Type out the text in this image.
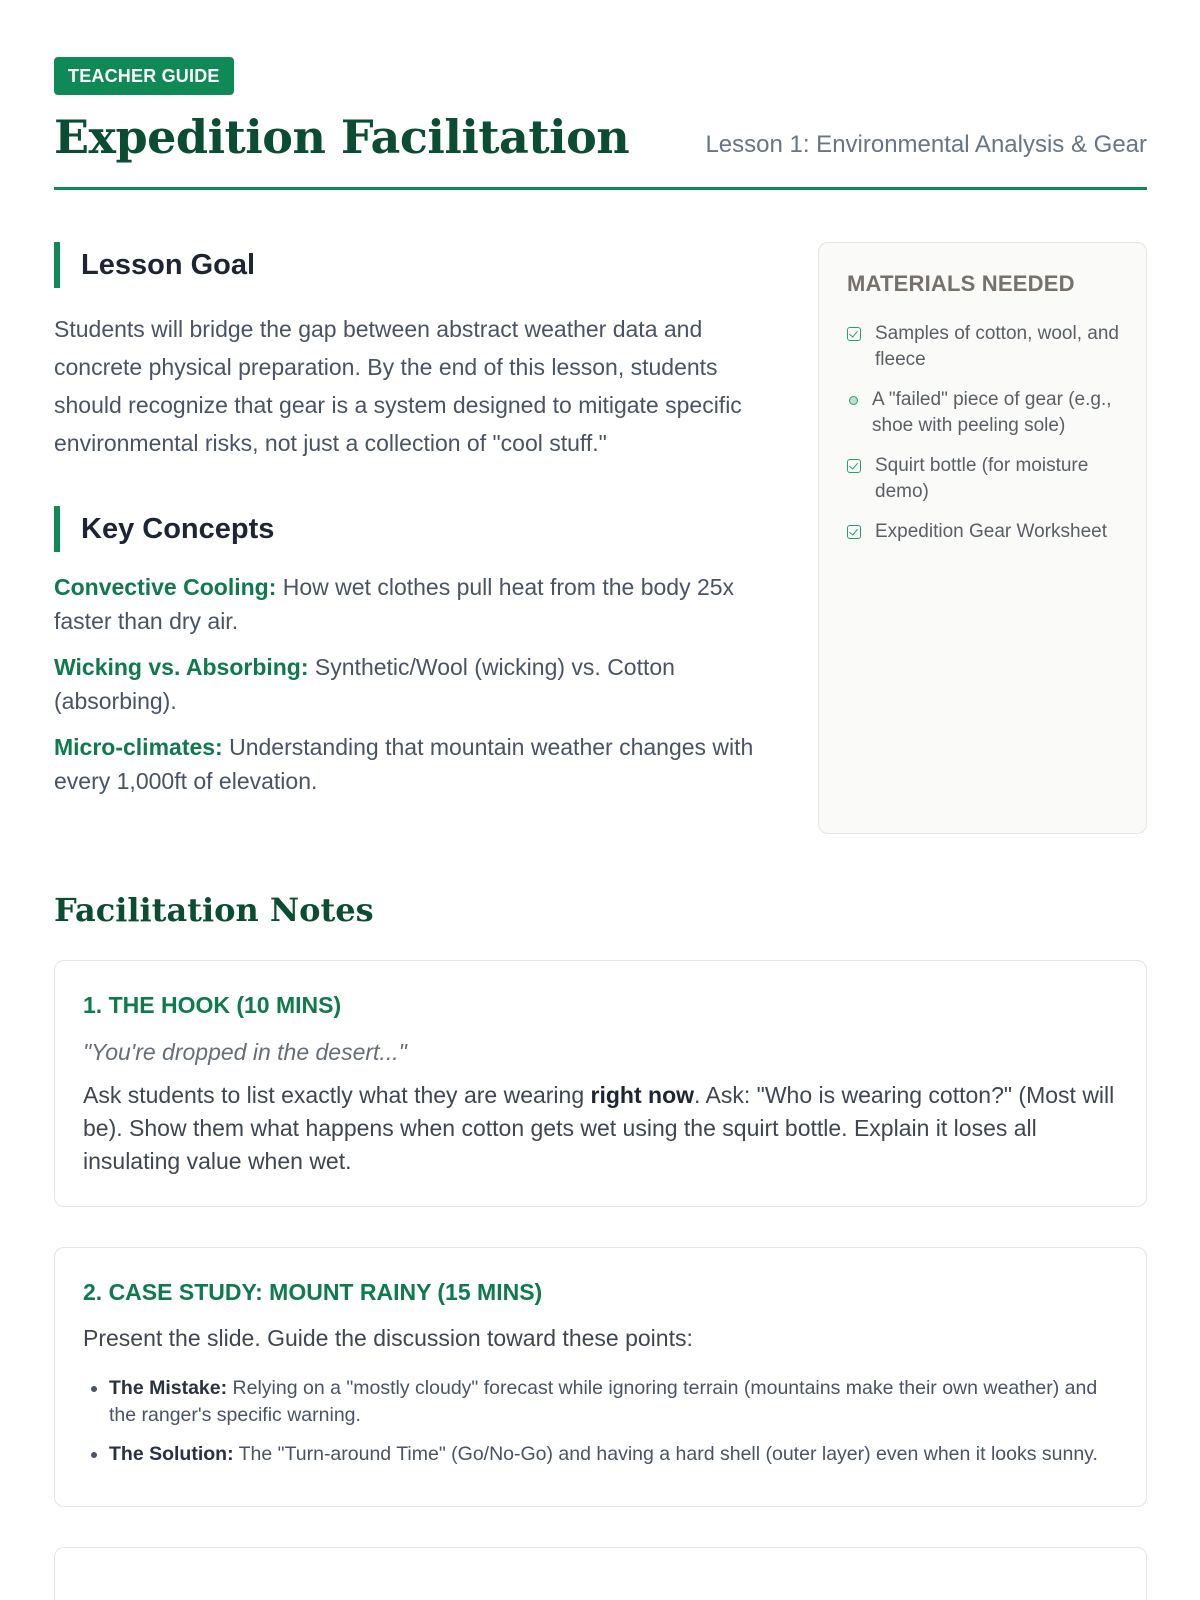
TEACHER GUIDE
Expedition Facilitation	Lesson 1: Environmental Analysis & Gear
Lesson Goal

Students will bridge the gap between abstract weather data and concrete physical preparation. By the end of this lesson, students should recognize that gear is a system designed to mitigate specific environmental risks, not just a collection of "cool stuff."

Key Concepts

Convective Cooling: How wet clothes pull heat from the body 25x faster than dry air.

Wicking vs. Absorbing: Synthetic/Wool (wicking) vs. Cotton (absorbing).

Micro-climates: Understanding that mountain weather changes with every 1,000ft of elevation.

MATERIALS NEEDED
Samples of cotton, wool, and fleece
A "failed" piece of gear (e.g., shoe with peeling sole)
Squirt bottle (for moisture demo)
Expedition Gear Worksheet
Facilitation Notes
1. THE HOOK (10 MINS)

"You're dropped in the desert..."

Ask students to list exactly what they are wearing right now. Ask: "Who is wearing cotton?" (Most will be). Show them what happens when cotton gets wet using the squirt bottle. Explain it loses all insulating value when wet.

2. CASE STUDY: MOUNT RAINY (15 MINS)

Present the slide. Guide the discussion toward these points:

• The Mistake: Relying on a "mostly cloudy" forecast while ignoring terrain (mountains make their own weather) and the ranger's specific warning.
• The Solution: The "Turn-around Time" (Go/No-Go) and having a hard shell (outer layer) even when it looks sunny.
